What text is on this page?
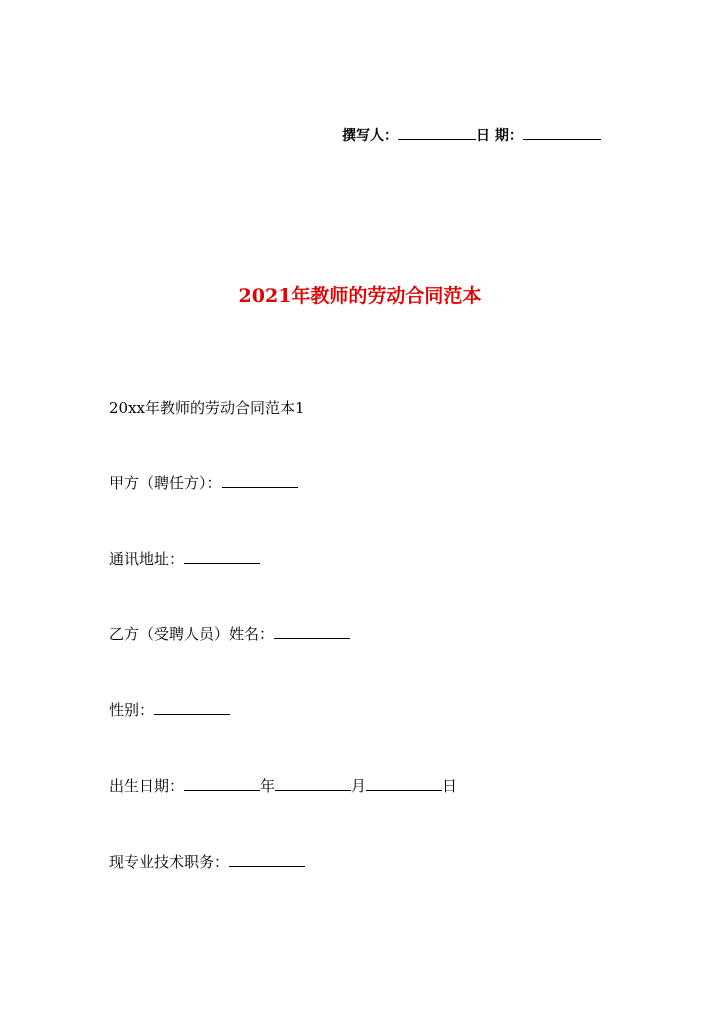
撰写人：	日 期：
2021年教师的劳动合同范本
20xx年教师的劳动合同范本1
甲方（聘任方）：
通讯地址：
乙方（受聘人员）姓名：
性别：
出生日期：	年	月	日
现专业技术职务：
